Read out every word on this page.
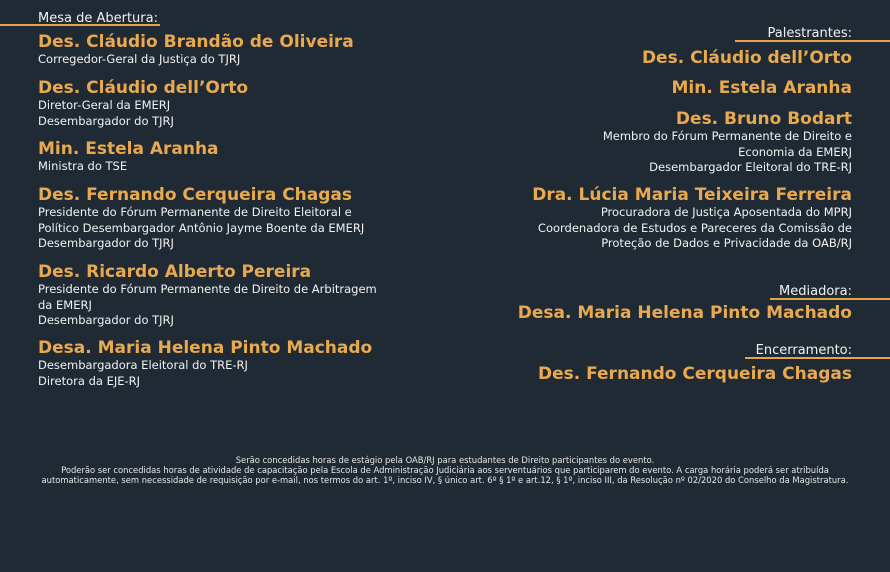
Mesa de Abertura:
Des. Cláudio Brandão de Oliveira
Corregedor-Geral da Justiça do TJRJ
Des. Cláudio dell’Orto
Diretor-Geral da EMERJ
Desembargador do TJRJ
Min. Estela Aranha
Ministra do TSE
Des. Fernando Cerqueira Chagas
Presidente do Fórum Permanente de Direito Eleitoral e
Político Desembargador Antônio Jayme Boente da EMERJ
Desembargador do TJRJ
Des. Ricardo Alberto Pereira
Presidente do Fórum Permanente de Direito de Arbitragem
da EMERJ
Desembargador do TJRJ
Desa. Maria Helena Pinto Machado
Desembargadora Eleitoral do TRE-RJ
Diretora da EJE-RJ
Palestrantes:
Des. Cláudio dell’Orto
Min. Estela Aranha
Des. Bruno Bodart
Membro do Fórum Permanente de Direito e
Economia da EMERJ
Desembargador Eleitoral do TRE-RJ
Dra. Lúcia Maria Teixeira Ferreira
Procuradora de Justiça Aposentada do MPRJ
Coordenadora de Estudos e Pareceres da Comissão de
Proteção de Dados e Privacidade da OAB/RJ
Mediadora:
Desa. Maria Helena Pinto Machado
Encerramento:
Des. Fernando Cerqueira Chagas
Serão concedidas horas de estágio pela OAB/RJ para estudantes de Direito participantes do evento.
Poderão ser concedidas horas de atividade de capacitação pela Escola de Administração Judiciária aos serventuários que participarem do evento. A carga horária poderá ser atribuída automaticamente, sem necessidade de requisição por e-mail, nos termos do art. 1º, inciso IV, § único art. 6º § 1º e art.12, § 1º, inciso III, da Resolução nº 02/2020 do Conselho da Magistratura.
